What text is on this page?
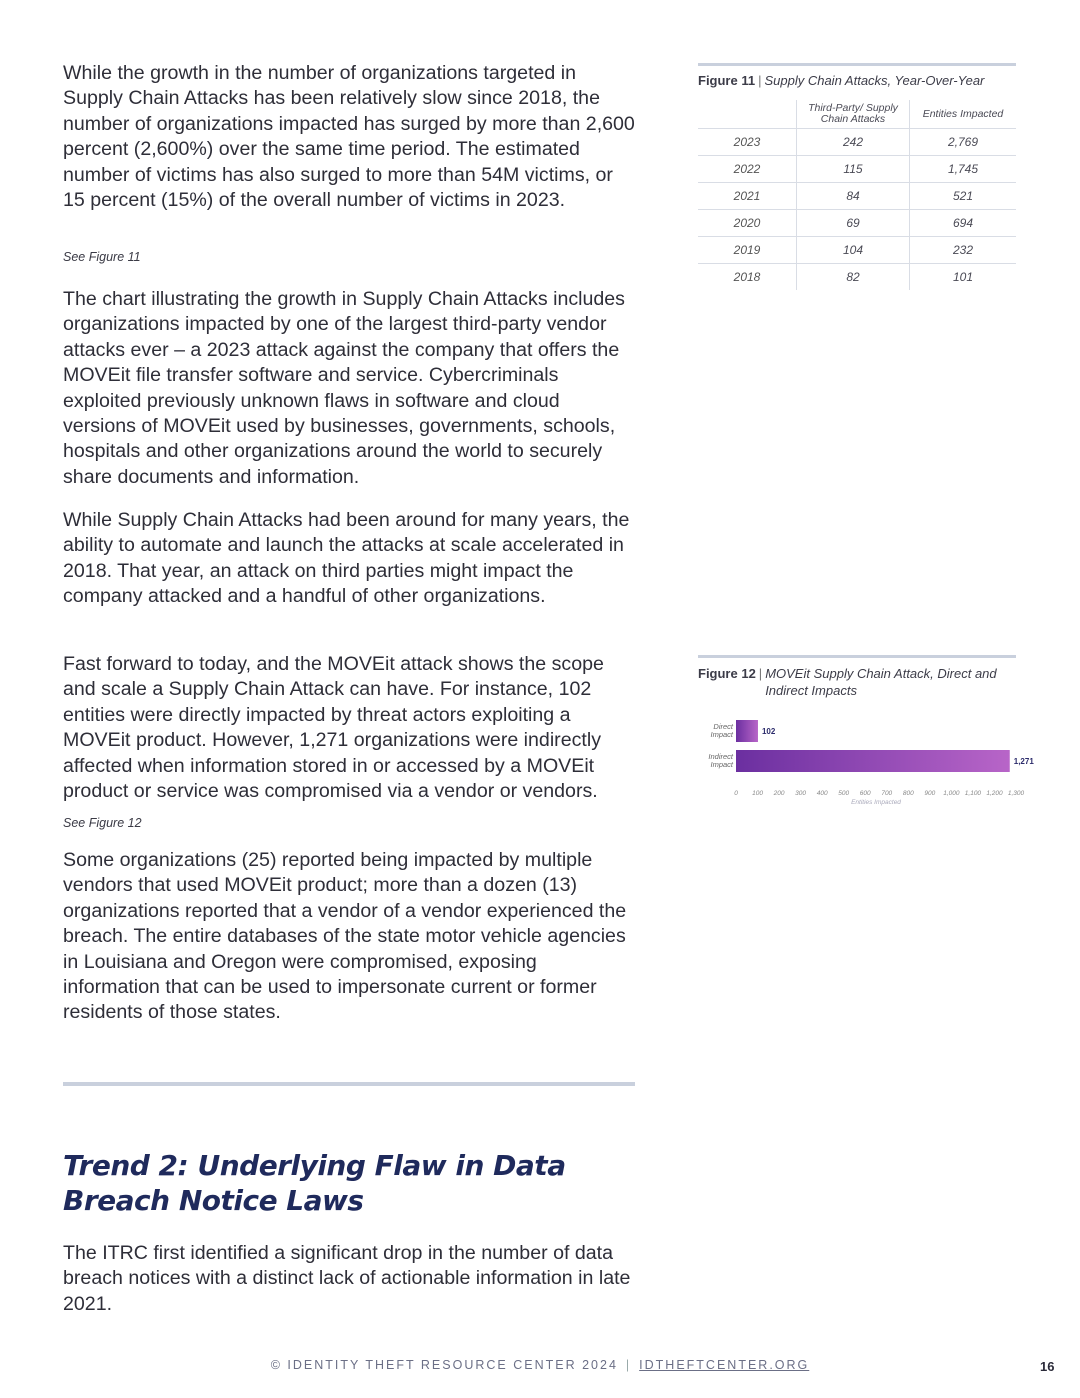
While the growth in the number of organizations targeted in Supply Chain Attacks has been relatively slow since 2018, the number of organizations impacted has surged by more than 2,600 percent (2,600%) over the same time period. The estimated number of victims has also surged to more than 54M victims, or 15 percent (15%) of the overall number of victims in 2023.

See Figure 11

The chart illustrating the growth in Supply Chain Attacks includes organizations impacted by one of the largest third-party vendor attacks ever – a 2023 attack against the company that offers the MOVEit file transfer software and service. Cybercriminals exploited previously unknown flaws in software and cloud versions of MOVEit used by businesses, governments, schools, hospitals and other organizations around the world to securely share documents and information.

While Supply Chain Attacks had been around for many years, the ability to automate and launch the attacks at scale accelerated in 2018. That year, an attack on third parties might impact the company attacked and a handful of other organizations.

Fast forward to today, and the MOVEit attack shows the scope and scale a Supply Chain Attack can have. For instance, 102 entities were directly impacted by threat actors exploiting a MOVEit product. However, 1,271 organizations were indirectly affected when information stored in or accessed by a MOVEit product or service was compromised via a vendor or vendors.

See Figure 12

Some organizations (25) reported being impacted by multiple vendors that used MOVEit product; more than a dozen (13) organizations reported that a vendor of a vendor experienced the breach. The entire databases of the state motor vehicle agencies in Louisiana and Oregon were compromised, exposing information that can be used to impersonate current or former residents of those states.

Trend 2: Underlying Flaw in Data Breach Notice Laws

The ITRC first identified a significant drop in the number of data breach notices with a distinct lack of actionable information in late 2021.

Figure 11 | Supply Chain Attacks, Year-Over-Year
	Third-Party/ Supply Chain Attacks	Entities Impacted
2023	242	2,769
2022	115	1,745
2021	84	521
2020	69	694
2019	104	232
2018	82	101
Figure 12 | MOVEit Supply Chain Attack, Direct and Indirect Impacts
Direct
Impact	102
Indirect
Impact	1,271
0 100 200 300 400 500 600 700 800 900 1,000 1,100 1,200 1,300
Entities Impacted
© IDENTITY THEFT RESOURCE CENTER 2024 | IDTHEFTCENTER.ORG	16
